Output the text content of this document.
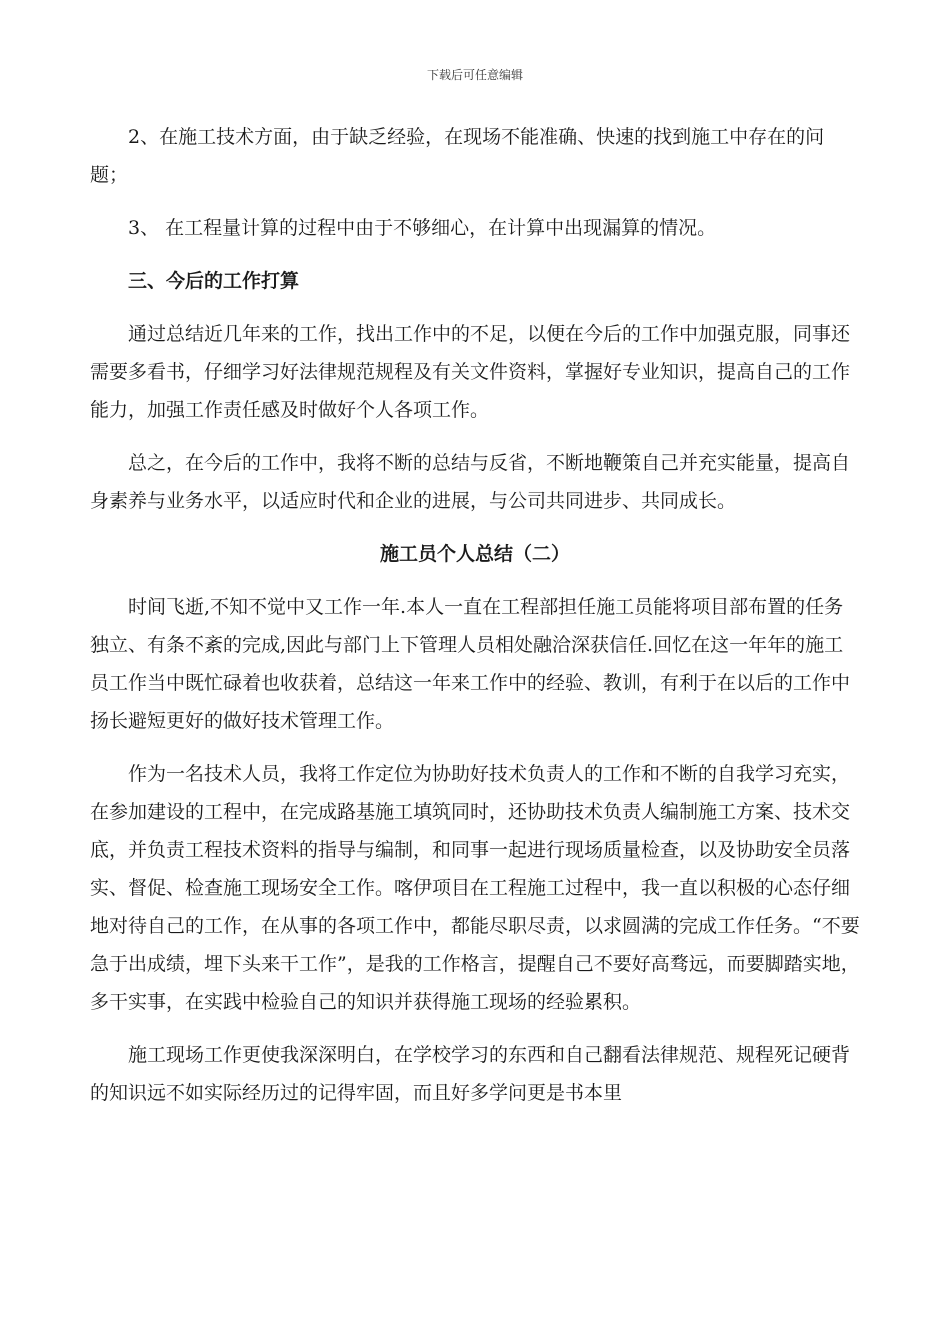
下载后可任意编辑

2、在施工技术方面，由于缺乏经验，在现场不能准确、快速的找到施工中存在的问题；

3、 在工程量计算的过程中由于不够细心，在计算中出现漏算的情况。

三、今后的工作打算

通过总结近几年来的工作，找出工作中的不足，以便在今后的工作中加强克服，同事还需要多看书，仔细学习好法律规范规程及有关文件资料，掌握好专业知识，提高自己的工作能力，加强工作责任感及时做好个人各项工作。

总之，在今后的工作中，我将不断的总结与反省，不断地鞭策自己并充实能量，提高自身素养与业务水平，以适应时代和企业的进展，与公司共同进步、共同成长。

施工员个人总结（二）

时间飞逝,不知不觉中又工作一年.本人一直在工程部担任施工员能将项目部布置的任务独立、有条不紊的完成,因此与部门上下管理人员相处融洽深获信任.回忆在这一年年的施工员工作当中既忙碌着也收获着，总结这一年来工作中的经验、教训，有利于在以后的工作中扬长避短更好的做好技术管理工作。

作为一名技术人员，我将工作定位为协助好技术负责人的工作和不断的自我学习充实，在参加建设的工程中，在完成路基施工填筑同时，还协助技术负责人编制施工方案、技术交底，并负责工程技术资料的指导与编制，和同事一起进行现场质量检查，以及协助安全员落实、督促、检查施工现场安全工作。喀伊项目在工程施工过程中，我一直以积极的心态仔细地对待自己的工作，在从事的各项工作中，都能尽职尽责，以求圆满的完成工作任务。“不要急于出成绩，埋下头来干工作”，是我的工作格言，提醒自己不要好高骛远，而要脚踏实地，多干实事，在实践中检验自己的知识并获得施工现场的经验累积。

施工现场工作更使我深深明白，在学校学习的东西和自己翻看法律规范、规程死记硬背的知识远不如实际经历过的记得牢固，而且好多学问更是书本里
